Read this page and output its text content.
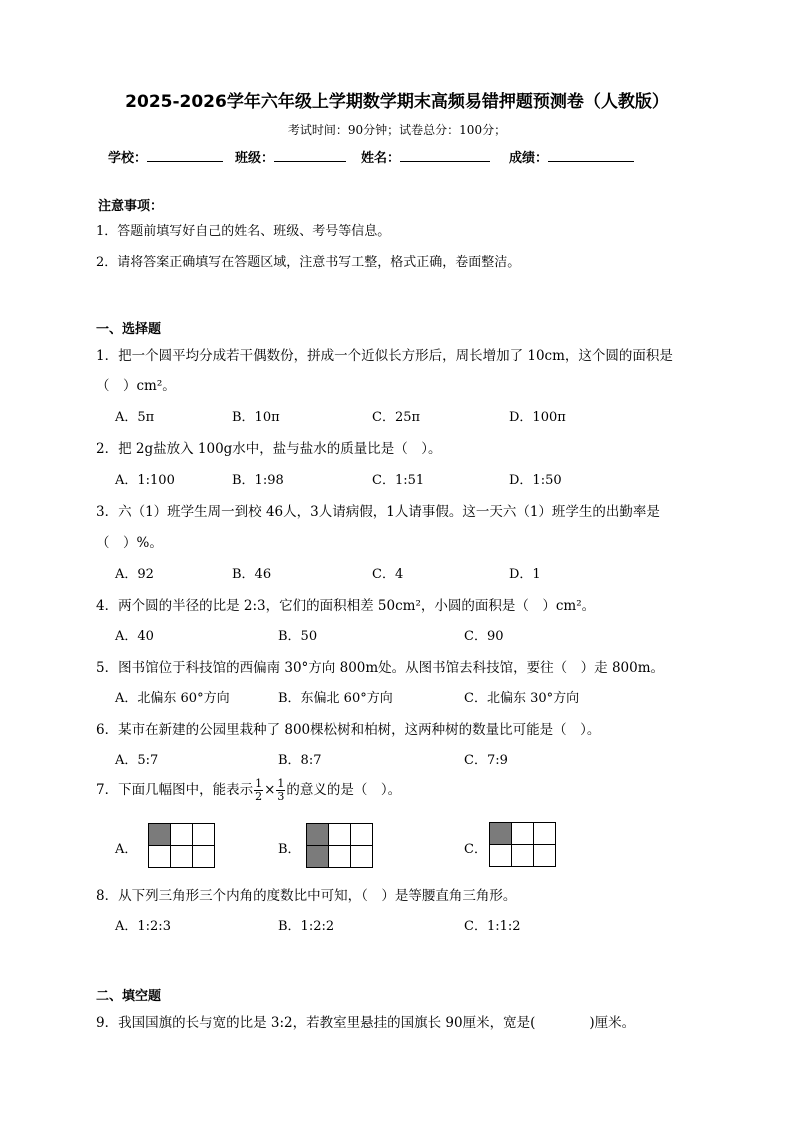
2025-2026学年六年级上学期数学期末高频易错押题预测卷（人教版）
考试时间：90分钟；试卷总分：100分；
学校：	班级：	姓名：	成绩：
注意事项：
1．答题前填写好自己的姓名、班级、考号等信息。
2．请将答案正确填写在答题区域，注意书写工整，格式正确，卷面整洁。
一、选择题
1．把一个圆平均分成若干偶数份，拼成一个近似长方形后，周长增加了 10cm，这个圆的面积是
（　）cm²。
A．5π	B．10π	C．25π	D．100π
2．把 2g盐放入 100g水中，盐与盐水的质量比是（　）。
A．1:100	B．1:98	C．1:51	D．1:50
3．六（1）班学生周一到校 46人，3人请病假，1人请事假。这一天六（1）班学生的出勤率是
（　）%。
A．92	B．46	C．4	D．1
4．两个圆的半径的比是 2:3，它们的面积相差 50cm²，小圆的面积是（　）cm²。
A．40	B．50	C．90
5．图书馆位于科技馆的西偏南 30°方向 800m处。从图书馆去科技馆，要往（　）走 800m。
A．北偏东 60°方向	B．东偏北 60°方向	C．北偏东 30°方向
6．某市在新建的公园里栽种了 800棵松树和柏树，这两种树的数量比可能是（　）。
A．5:7	B．8:7	C．7:9
7．下面几幅图中，能表示 $\frac{1}{2} \times \frac{1}{3}$ 的意义的是（　）。
A．

			B．

			C．

8．从下列三角形三个内角的度数比中可知，（　）是等腰直角三角形。
A．1:2:3	B．1:2:2	C．1:1:2
二、填空题
9．我国国旗的长与宽的比是 3:2，若教室里悬挂的国旗长 90厘米，宽是(　　　　)厘米。
